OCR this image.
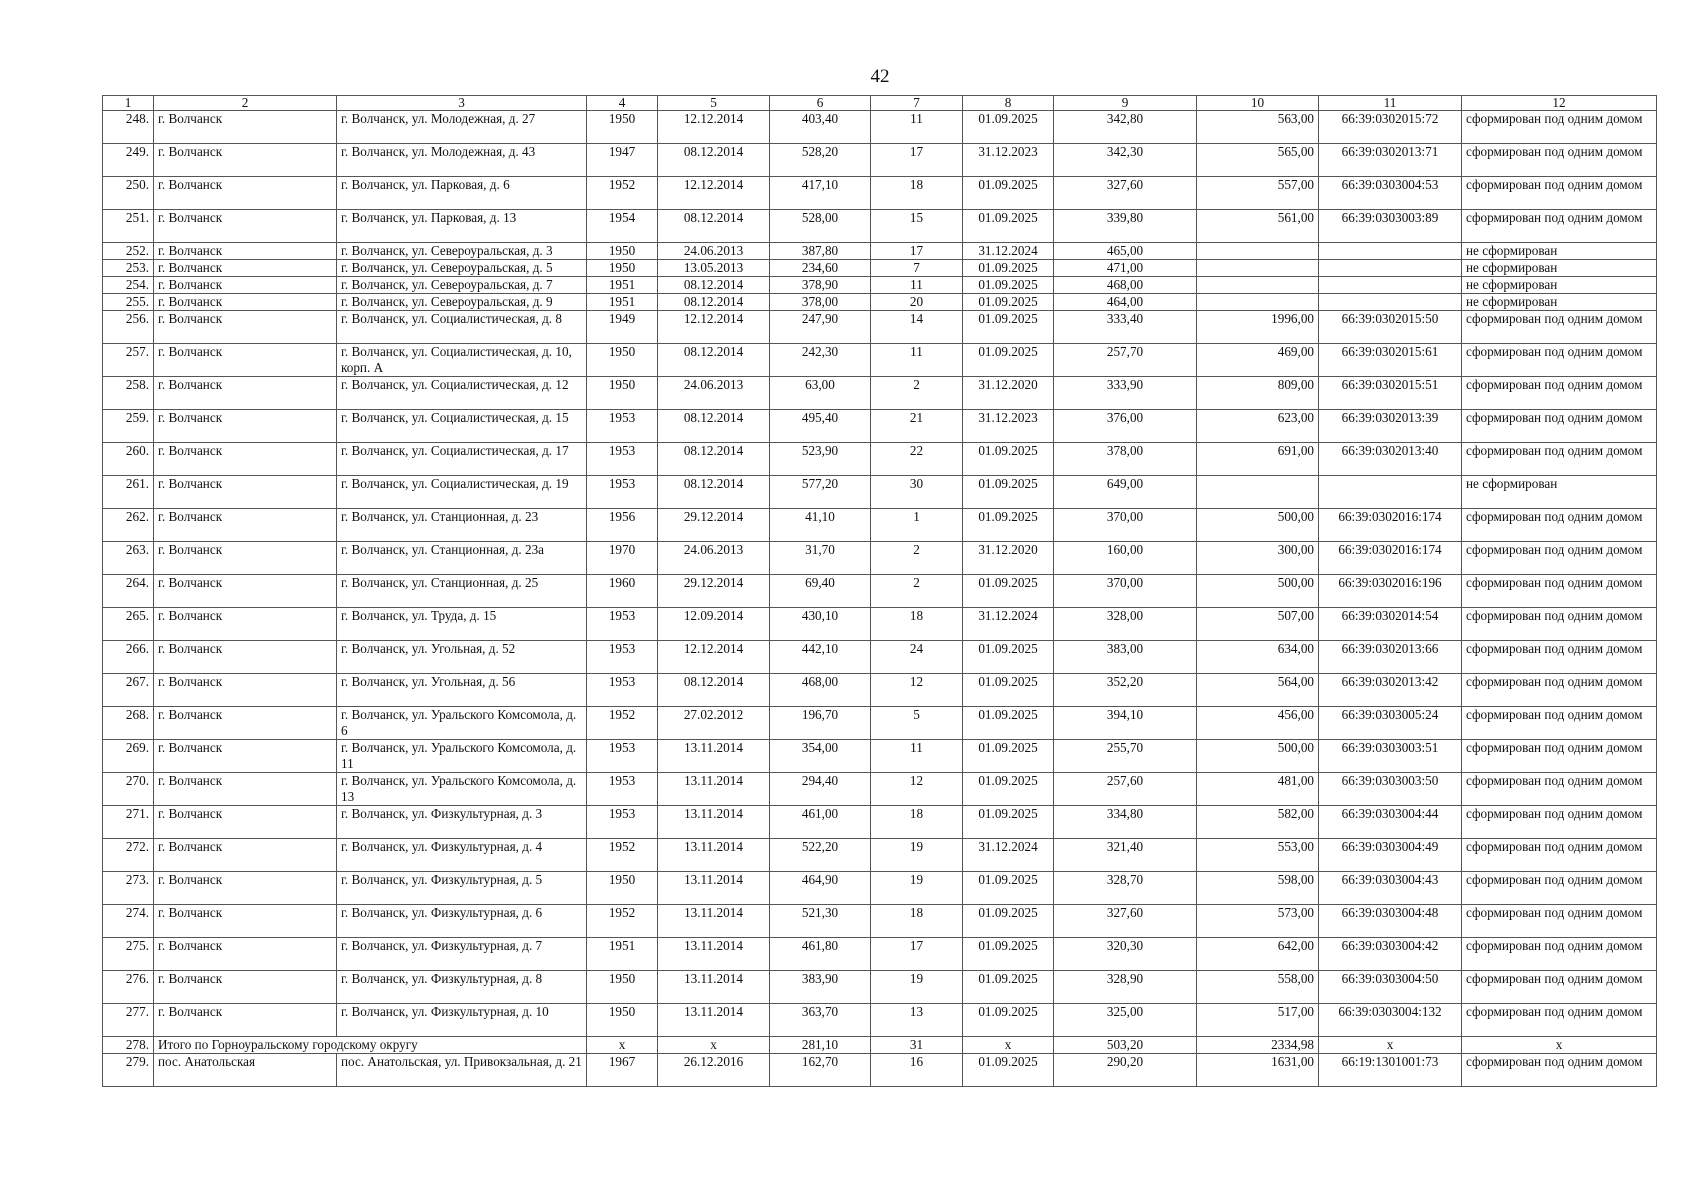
42
1	2	3	4	5	6	7	8	9	10	11	12
248.	г. Волчанск	г. Волчанск, ул. Молодежная, д. 27	1950	12.12.2014	403,40	11	01.09.2025	342,80	563,00	66:39:0302015:72	сформирован под одним домом
249.	г. Волчанск	г. Волчанск, ул. Молодежная, д. 43	1947	08.12.2014	528,20	17	31.12.2023	342,30	565,00	66:39:0302013:71	сформирован под одним домом
250.	г. Волчанск	г. Волчанск, ул. Парковая, д. 6	1952	12.12.2014	417,10	18	01.09.2025	327,60	557,00	66:39:0303004:53	сформирован под одним домом
251.	г. Волчанск	г. Волчанск, ул. Парковая, д. 13	1954	08.12.2014	528,00	15	01.09.2025	339,80	561,00	66:39:0303003:89	сформирован под одним домом
252.	г. Волчанск	г. Волчанск, ул. Североуральская, д. 3	1950	24.06.2013	387,80	17	31.12.2024	465,00			не сформирован
253.	г. Волчанск	г. Волчанск, ул. Североуральская, д. 5	1950	13.05.2013	234,60	7	01.09.2025	471,00			не сформирован
254.	г. Волчанск	г. Волчанск, ул. Североуральская, д. 7	1951	08.12.2014	378,90	11	01.09.2025	468,00			не сформирован
255.	г. Волчанск	г. Волчанск, ул. Североуральская, д. 9	1951	08.12.2014	378,00	20	01.09.2025	464,00			не сформирован
256.	г. Волчанск	г. Волчанск, ул. Социалистическая, д. 8	1949	12.12.2014	247,90	14	01.09.2025	333,40	1996,00	66:39:0302015:50	сформирован под одним домом
257.	г. Волчанск	г. Волчанск, ул. Социалистическая, д. 10, корп. А	1950	08.12.2014	242,30	11	01.09.2025	257,70	469,00	66:39:0302015:61	сформирован под одним домом
258.	г. Волчанск	г. Волчанск, ул. Социалистическая, д. 12	1950	24.06.2013	63,00	2	31.12.2020	333,90	809,00	66:39:0302015:51	сформирован под одним домом
259.	г. Волчанск	г. Волчанск, ул. Социалистическая, д. 15	1953	08.12.2014	495,40	21	31.12.2023	376,00	623,00	66:39:0302013:39	сформирован под одним домом
260.	г. Волчанск	г. Волчанск, ул. Социалистическая, д. 17	1953	08.12.2014	523,90	22	01.09.2025	378,00	691,00	66:39:0302013:40	сформирован под одним домом
261.	г. Волчанск	г. Волчанск, ул. Социалистическая, д. 19	1953	08.12.2014	577,20	30	01.09.2025	649,00			не сформирован
262.	г. Волчанск	г. Волчанск, ул. Станционная, д. 23	1956	29.12.2014	41,10	1	01.09.2025	370,00	500,00	66:39:0302016:174	сформирован под одним домом
263.	г. Волчанск	г. Волчанск, ул. Станционная, д. 23а	1970	24.06.2013	31,70	2	31.12.2020	160,00	300,00	66:39:0302016:174	сформирован под одним домом
264.	г. Волчанск	г. Волчанск, ул. Станционная, д. 25	1960	29.12.2014	69,40	2	01.09.2025	370,00	500,00	66:39:0302016:196	сформирован под одним домом
265.	г. Волчанск	г. Волчанск, ул. Труда, д. 15	1953	12.09.2014	430,10	18	31.12.2024	328,00	507,00	66:39:0302014:54	сформирован под одним домом
266.	г. Волчанск	г. Волчанск, ул. Угольная, д. 52	1953	12.12.2014	442,10	24	01.09.2025	383,00	634,00	66:39:0302013:66	сформирован под одним домом
267.	г. Волчанск	г. Волчанск, ул. Угольная, д. 56	1953	08.12.2014	468,00	12	01.09.2025	352,20	564,00	66:39:0302013:42	сформирован под одним домом
268.	г. Волчанск	г. Волчанск, ул. Уральского Комсомола, д. 6	1952	27.02.2012	196,70	5	01.09.2025	394,10	456,00	66:39:0303005:24	сформирован под одним домом
269.	г. Волчанск	г. Волчанск, ул. Уральского Комсомола, д. 11	1953	13.11.2014	354,00	11	01.09.2025	255,70	500,00	66:39:0303003:51	сформирован под одним домом
270.	г. Волчанск	г. Волчанск, ул. Уральского Комсомола, д. 13	1953	13.11.2014	294,40	12	01.09.2025	257,60	481,00	66:39:0303003:50	сформирован под одним домом
271.	г. Волчанск	г. Волчанск, ул. Физкультурная, д. 3	1953	13.11.2014	461,00	18	01.09.2025	334,80	582,00	66:39:0303004:44	сформирован под одним домом
272.	г. Волчанск	г. Волчанск, ул. Физкультурная, д. 4	1952	13.11.2014	522,20	19	31.12.2024	321,40	553,00	66:39:0303004:49	сформирован под одним домом
273.	г. Волчанск	г. Волчанск, ул. Физкультурная, д. 5	1950	13.11.2014	464,90	19	01.09.2025	328,70	598,00	66:39:0303004:43	сформирован под одним домом
274.	г. Волчанск	г. Волчанск, ул. Физкультурная, д. 6	1952	13.11.2014	521,30	18	01.09.2025	327,60	573,00	66:39:0303004:48	сформирован под одним домом
275.	г. Волчанск	г. Волчанск, ул. Физкультурная, д. 7	1951	13.11.2014	461,80	17	01.09.2025	320,30	642,00	66:39:0303004:42	сформирован под одним домом
276.	г. Волчанск	г. Волчанск, ул. Физкультурная, д. 8	1950	13.11.2014	383,90	19	01.09.2025	328,90	558,00	66:39:0303004:50	сформирован под одним домом
277.	г. Волчанск	г. Волчанск, ул. Физкультурная, д. 10	1950	13.11.2014	363,70	13	01.09.2025	325,00	517,00	66:39:0303004:132	сформирован под одним домом
278.	Итого по Горноуральскому городскому округу		x	x	281,10	31	x	503,20	2334,98	x	x
279.	пос. Анатольская	пос. Анатольская, ул. Привокзальная, д. 21	1967	26.12.2016	162,70	16	01.09.2025	290,20	1631,00	66:19:1301001:73	сформирован под одним домом
